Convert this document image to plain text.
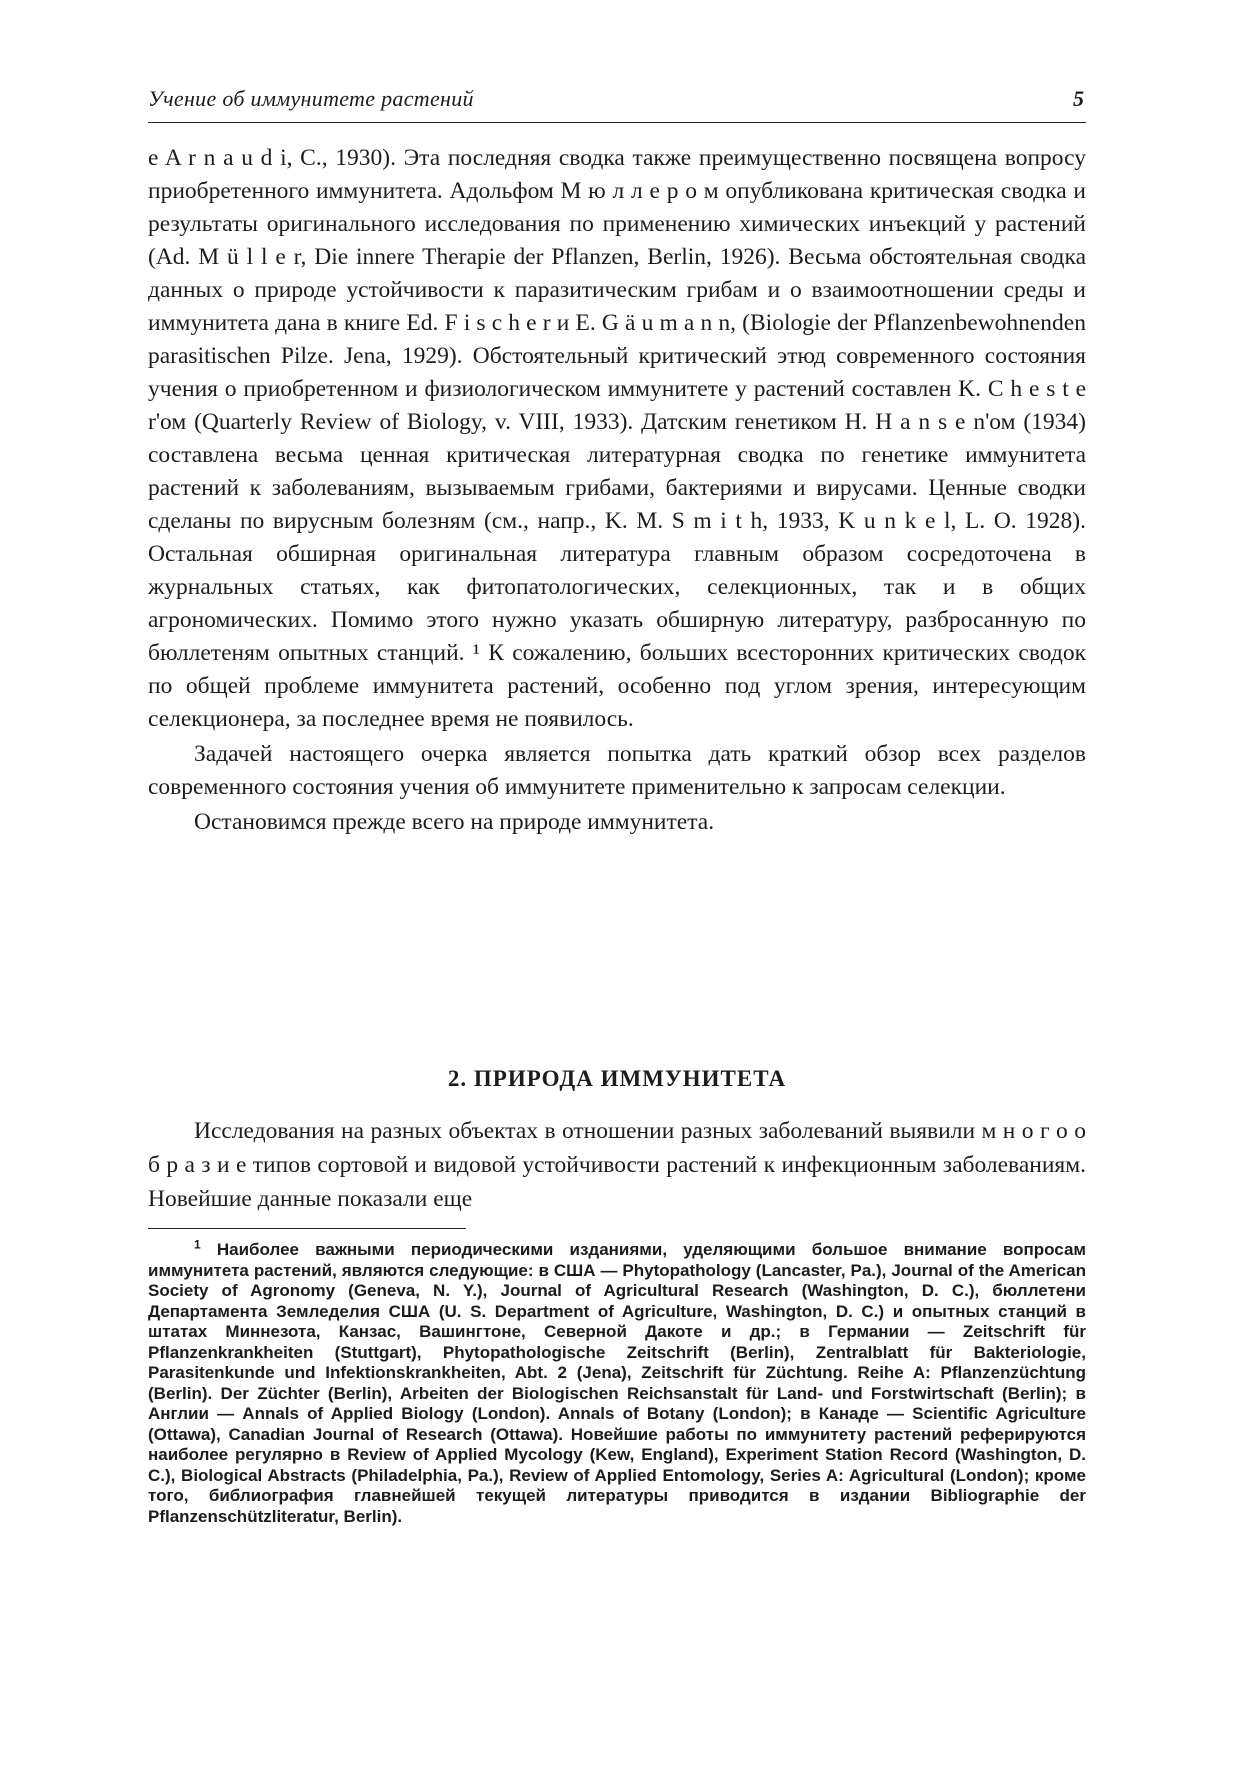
Учение об иммунитете растений	5

e A r n a u d i, C., 1930). Эта последняя сводка также преимущественно посвящена вопросу приобретенного иммунитета. Адольфом М ю л л е р о м опубликована критическая сводка и результаты оригинального исследования по применению химических инъекций у растений (Ad. M ü l l e r, Die innere Therapie der Pflanzen, Berlin, 1926). Весьма обстоятельная сводка данных о природе устойчивости к паразитическим грибам и о взаимоотношении среды и иммунитета дана в книге Ed. F i s c h e r и E. G ä u m a n n, (Biologie der Pflanzenbewohnenden parasitischen Pilze. Jena, 1929). Обстоятельный критический этюд современного состояния учения о приобретенном и физиологическом иммунитете у растений составлен K. C h e s t e r'ом (Quarterly Review of Biology, v. VIII, 1933). Датским генетиком H. H a n s e n'ом (1934) составлена весьма ценная критическая литературная сводка по генетике иммунитета растений к заболеваниям, вызываемым грибами, бактериями и вирусами. Ценные сводки сделаны по вирусным болезням (см., напр., K. M. S m i t h, 1933, K u n k e l, L. O. 1928). Остальная обширная оригинальная литература главным образом сосредоточена в журнальных статьях, как фитопатологических, селекционных, так и в общих агрономических. Помимо этого нужно указать обширную литературу, разбросанную по бюллетеням опытных станций. ¹ К сожалению, больших всесторонних критических сводок по общей проблеме иммунитета растений, особенно под углом зрения, интересующим селекционера, за последнее время не появилось.

Задачей настоящего очерка является попытка дать краткий обзор всех разделов современного состояния учения об иммунитете применительно к запросам селекции.

Остановимся прежде всего на природе иммунитета.

2. ПРИРОДА ИММУНИТЕТА

Исследования на разных объектах в отношении разных заболеваний выявили м н о г о о б р а з и е типов сортовой и видовой устойчивости растений к инфекционным заболеваниям. Новейшие данные показали еще

$^1$ Наиболее важными периодическими изданиями, уделяющими большое внимание вопросам иммунитета растений, являются следующие: в США — Phytopathology (Lancaster, Pa.), Journal of the American Society of Agronomy (Geneva, N. Y.), Journal of Agricultural Research (Washington, D. C.), бюллетени Департамента Земледелия США (U. S. Department of Agriculture, Washington, D. C.) и опытных станций в штатах Миннезота, Канзас, Вашингтоне, Северной Дакоте и др.; в Германии — Zeitschrift für Pflanzenkrankheiten (Stuttgart), Phytopathologische Zeitschrift (Berlin), Zentralblatt für Bakteriologie, Parasitenkunde und Infektionskrankheiten, Abt. 2 (Jena), Zeitschrift für Züchtung. Reihe A: Pflanzenzüchtung (Berlin). Der Züchter (Berlin), Arbeiten der Biologischen Reichsanstalt für Land- und Forstwirtschaft (Berlin); в Англии — Annals of Applied Biology (London). Annals of Botany (London); в Канаде — Scientific Agriculture (Ottawa), Canadian Journal of Research (Ottawa). Новейшие работы по иммунитету растений реферируются наиболее регулярно в Review of Applied Mycology (Kew, England), Experiment Station Record (Washington, D. C.), Biological Abstracts (Philadelphia, Pa.), Review of Applied Entomology, Series A: Agricultural (London); кроме того, библиография главнейшей текущей литературы приводится в издании Bibliographie der Pflanzenschützliteratur, Berlin).
